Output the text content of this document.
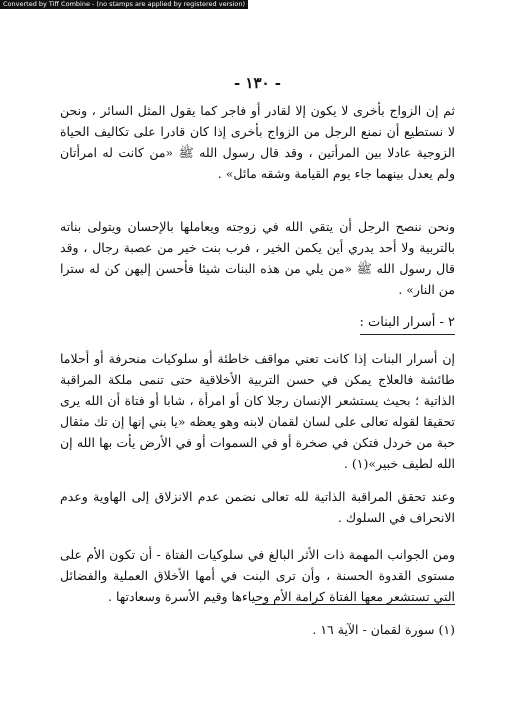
Converted by Tiff Combine - (no stamps are applied by registered version)
- ١٣٠ -

ثم إن الزواج بأخرى لا يكون إلا لقادر أو فاجر كما يقول المثل السائر ، ونحن لا نستطيع أن نمنع الرجل من الزواج بأخرى إذا كان قادرا على تكاليف الحياة الزوجية عادلا بين المرأتين ، وقد قال رسول الله ﷺ «من كانت له امرأتان ولم يعدل بينهما جاء يوم القيامة وشقه مائل» .

ونحن ننصح الرجل أن يتقي الله في زوجته ويعاملها بالإحسان ويتولى بناته بالتربية ولا أحد يدري أين يكمن الخير ، فرب بنت خير من عصبة رجال ، وقد قال رسول الله ﷺ «من يلي من هذه البنات شيئا فأحسن إليهن كن له سترا من النار» .

٢ - أسرار البنات :

إن أسرار البنات إذا كانت تعني مواقف خاطئة أو سلوكيات منحرفة أو أحلاما طائشة فالعلاج يمكن في حسن التربية الأخلاقية حتى تنمى ملكة المراقبة الذاتية ؛ بحيث يستشعر الإنسان رجلا كان أو امرأة ، شابا أو فتاة أن الله يرى تحقيقا لقوله تعالى على لسان لقمان لابنه وهو يعظه «يا بني إنها إن تك مثقال حبة من خردل فتكن في صخرة أو في السموات أو في الأرض يأت بها الله إن الله لطيف خبير»(١) .

وعند تحقق المراقبة الذاتية لله تعالى نضمن عدم الانزلاق إلى الهاوية وعدم الانحراف في السلوك .

ومن الجوانب المهمة ذات الأثر البالغ في سلوكيات الفتاة - أن تكون الأم على مستوى القدوة الحسنة ، وأن ترى البنت في أمها الأخلاق العملية والفضائل التي تستشعر معها الفتاة كرامة الأم وحياءها وقيم الأسرة وسعادتها .

(١) سورة لقمان - الآية ١٦ .
